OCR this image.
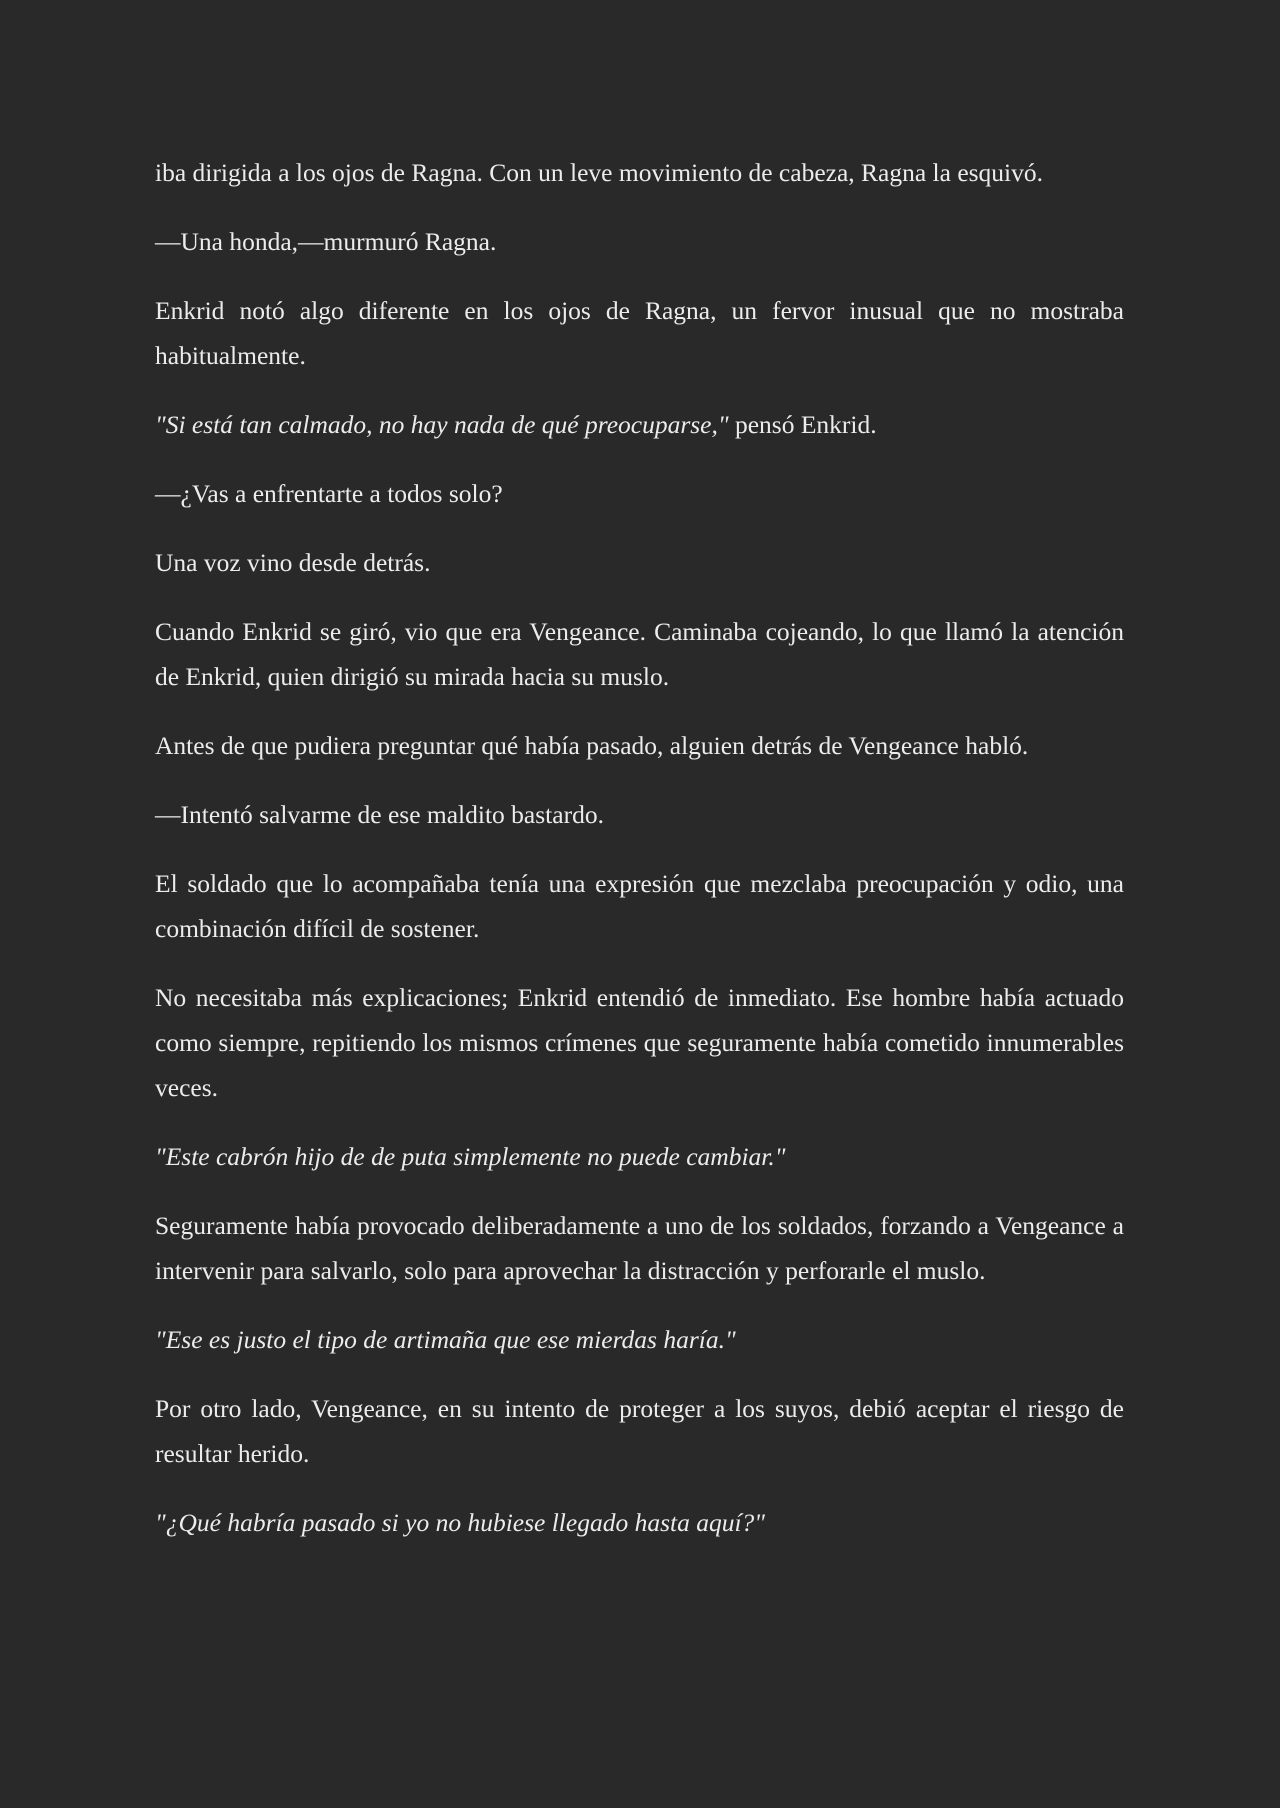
iba dirigida a los ojos de Ragna. Con un leve movimiento de cabeza, Ragna la esquivó.

—Una honda,—murmuró Ragna.

Enkrid notó algo diferente en los ojos de Ragna, un fervor inusual que no mostraba habitualmente.

"Si está tan calmado, no hay nada de qué preocuparse," pensó Enkrid.

—¿Vas a enfrentarte a todos solo?

Una voz vino desde detrás.

Cuando Enkrid se giró, vio que era Vengeance. Caminaba cojeando, lo que llamó la atención de Enkrid, quien dirigió su mirada hacia su muslo.

Antes de que pudiera preguntar qué había pasado, alguien detrás de Vengeance habló.

—Intentó salvarme de ese maldito bastardo.

El soldado que lo acompañaba tenía una expresión que mezclaba preocupación y odio, una combinación difícil de sostener.

No necesitaba más explicaciones; Enkrid entendió de inmediato. Ese hombre había actuado como siempre, repitiendo los mismos crímenes que seguramente había cometido innumerables veces.

"Este cabrón hijo de de puta simplemente no puede cambiar."

Seguramente había provocado deliberadamente a uno de los soldados, forzando a Vengeance a intervenir para salvarlo, solo para aprovechar la distracción y perforarle el muslo.

"Ese es justo el tipo de artimaña que ese mierdas haría."

Por otro lado, Vengeance, en su intento de proteger a los suyos, debió aceptar el riesgo de resultar herido.

"¿Qué habría pasado si yo no hubiese llegado hasta aquí?"
